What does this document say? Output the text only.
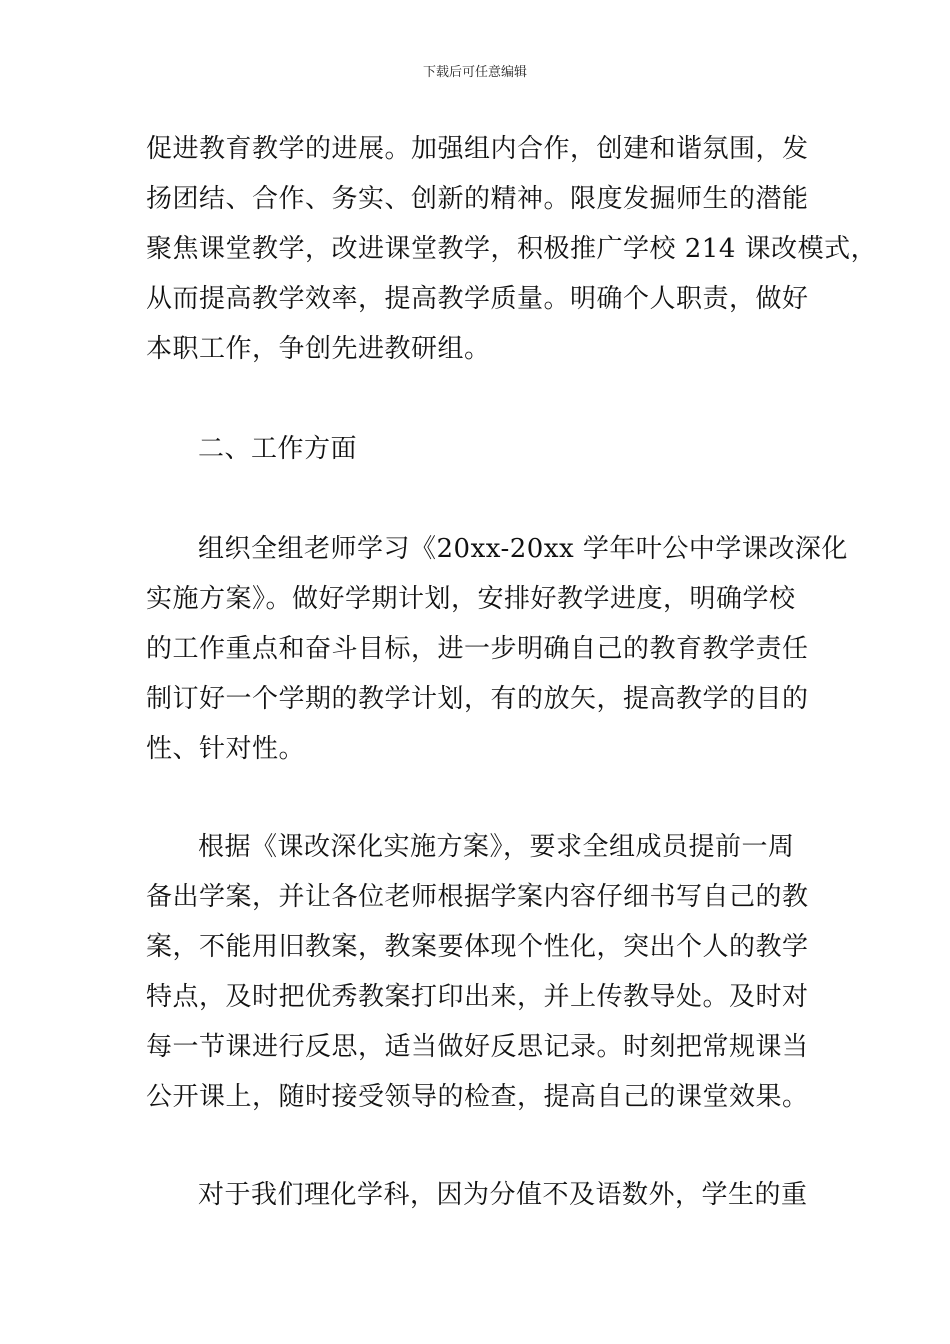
下载后可任意编辑
促进教育教学的进展。加强组内合作，创建和谐氛围，发
扬团结、合作、务实、创新的精神。限度发掘师生的潜能
聚焦课堂教学，改进课堂教学，积极推广学校 214 课改模式，
从而提高教学效率，提高教学质量。明确个人职责，做好
本职工作，争创先进教研组。
二、工作方面
组织全组老师学习《20xx-20xx 学年叶公中学课改深化
实施方案》。做好学期计划，安排好教学进度，明确学校
的工作重点和奋斗目标，进一步明确自己的教育教学责任
制订好一个学期的教学计划，有的放矢，提高教学的目的
性、针对性。
根据《课改深化实施方案》，要求全组成员提前一周
备出学案，并让各位老师根据学案内容仔细书写自己的教
案，不能用旧教案，教案要体现个性化，突出个人的教学
特点，及时把优秀教案打印出来，并上传教导处。及时对
每一节课进行反思，适当做好反思记录。时刻把常规课当
公开课上，随时接受领导的检查，提高自己的课堂效果。
对于我们理化学科，因为分值不及语数外，学生的重
